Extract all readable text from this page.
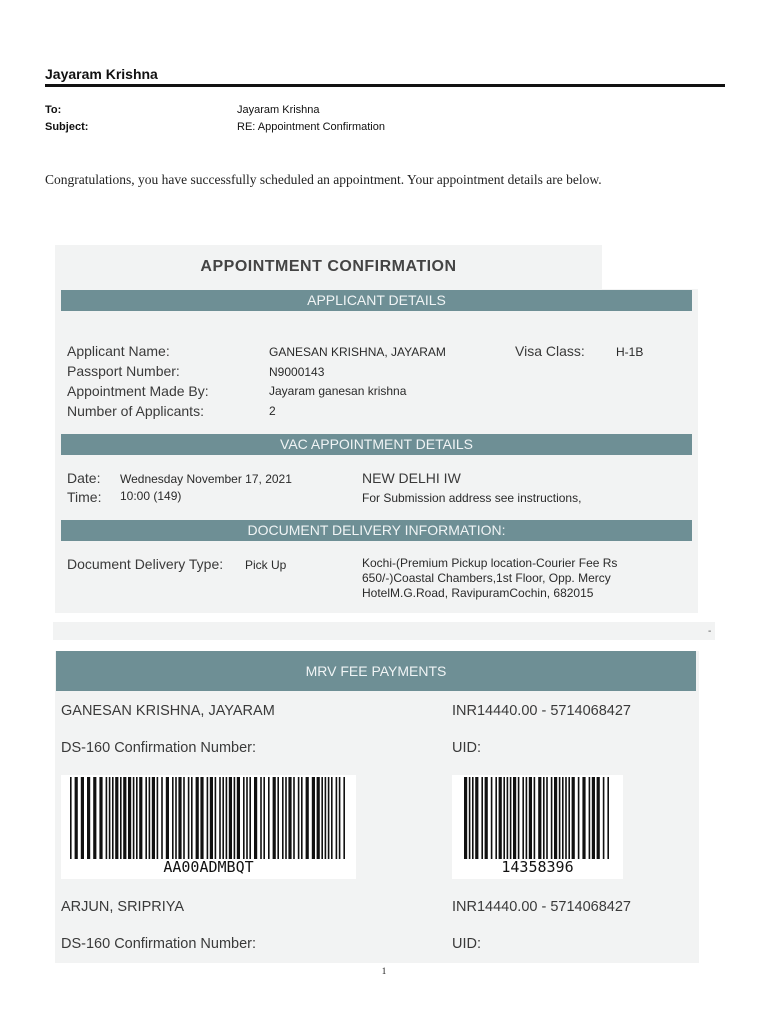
Jayaram Krishna
To:	Jayaram Krishna
Subject:	RE: Appointment Confirmation
Congratulations, you have successfully scheduled an appointment. Your appointment details are below.
APPOINTMENT CONFIRMATION
APPLICANT DETAILS
Applicant Name:	GANESAN KRISHNA, JAYARAM	Visa Class:	H-1B
Passport Number:	N9000143
Appointment Made By:	Jayaram ganesan krishna
Number of Applicants:	2
VAC APPOINTMENT DETAILS
Date: Wednesday November 17, 2021
Time: 10:00 (149)
NEW DELHI IW
For Submission address see instructions,
DOCUMENT DELIVERY INFORMATION:
Document Delivery Type: Pick Up	Kochi-(Premium Pickup location-Courier Fee Rs
650/-)Coastal Chambers,1st Floor, Opp. Mercy
HotelM.G.Road, RavipuramCochin, 682015
-
MRV FEE PAYMENTS
GANESAN KRISHNA, JAYARAM	INR14440.00 - 5714068427
DS-160 Confirmation Number:	UID:
AA00ADMBQT	14358396
ARJUN, SRIPRIYA	INR14440.00 - 5714068427
DS-160 Confirmation Number:	UID:
1
